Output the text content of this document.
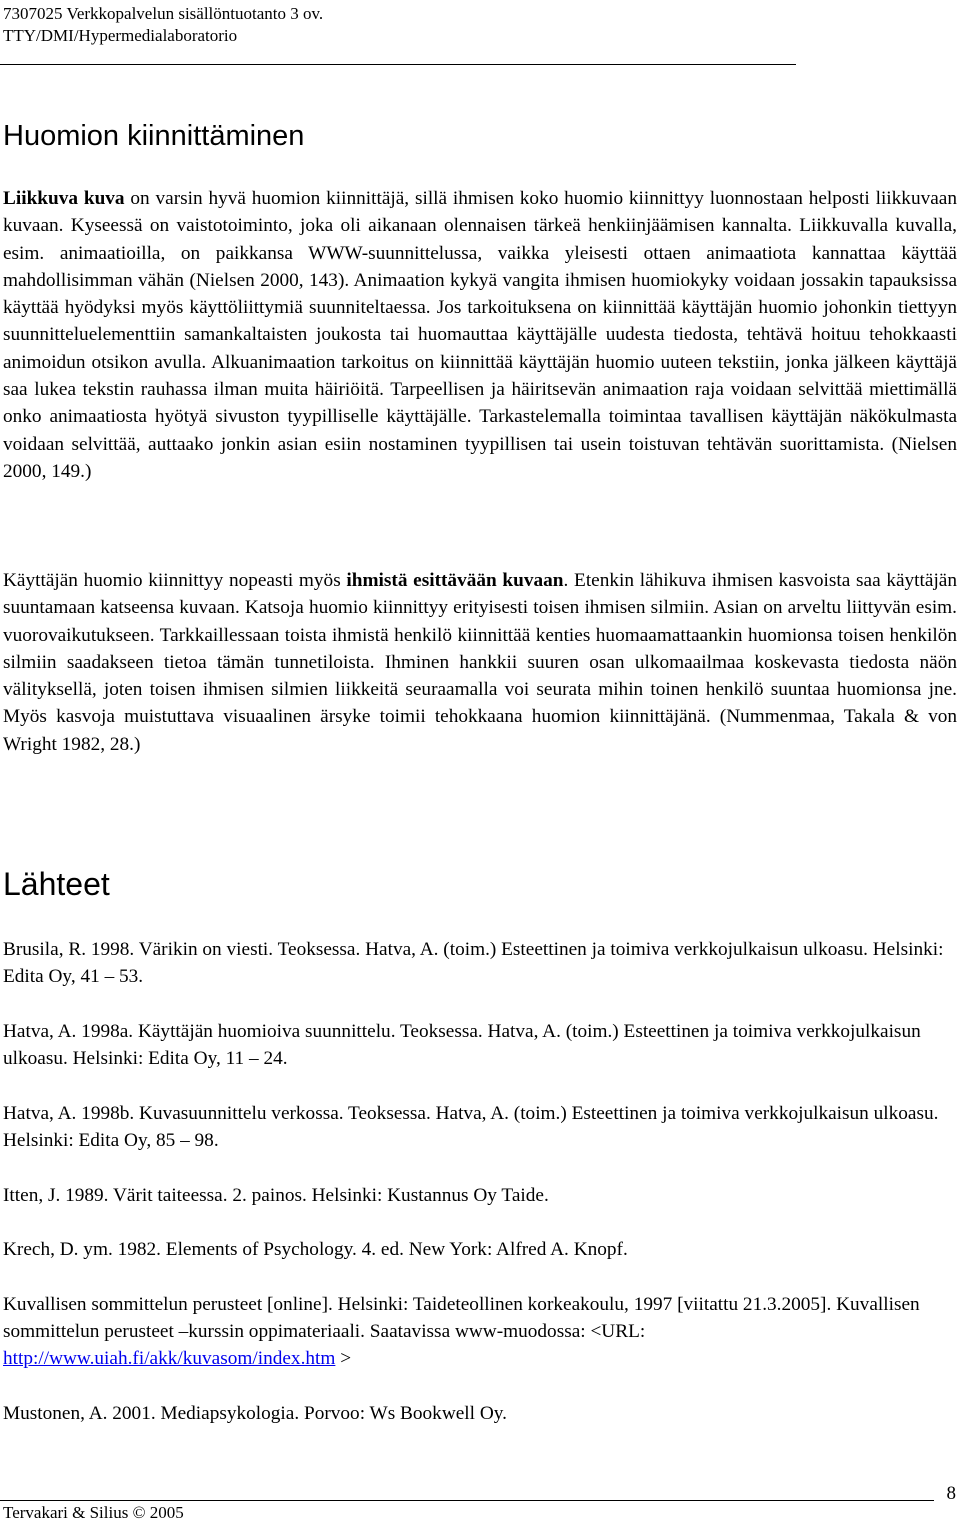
7307025 Verkkopalvelun sisällöntuotanto 3 ov.
TTY/DMI/Hypermedialaboratorio
Huomion kiinnittäminen

Liikkuva kuva on varsin hyvä huomion kiinnittäjä, sillä ihmisen koko huomio kiinnittyy luonnostaan helposti liikkuvaan kuvaan. Kyseessä on vaistotoiminto, joka oli aikanaan olennaisen tärkeä henkiinjäämisen kannalta. Liikkuvalla kuvalla, esim. animaatioilla, on paikkansa WWW-suunnittelussa, vaikka yleisesti ottaen animaatiota kannattaa käyttää mahdollisimman vähän (Nielsen 2000, 143). Animaation kykyä vangita ihmisen huomiokyky voidaan jossakin tapauksissa käyttää hyödyksi myös käyttöliittymiä suunniteltaessa. Jos tarkoituksena on kiinnittää käyttäjän huomio johonkin tiettyyn suunnitteluelementtiin samankaltaisten joukosta tai huomauttaa käyttäjälle uudesta tiedosta, tehtävä hoituu tehokkaasti animoidun otsikon avulla. Alkuanimaation tarkoitus on kiinnittää käyttäjän huomio uuteen tekstiin, jonka jälkeen käyttäjä saa lukea tekstin rauhassa ilman muita häiriöitä. Tarpeellisen ja häiritsevän animaation raja voidaan selvittää miettimällä onko animaatiosta hyötyä sivuston tyypilliselle käyttäjälle. Tarkastelemalla toimintaa tavallisen käyttäjän näkökulmasta voidaan selvittää, auttaako jonkin asian esiin nostaminen tyypillisen tai usein toistuvan tehtävän suorittamista. (Nielsen 2000, 149.)

Käyttäjän huomio kiinnittyy nopeasti myös ihmistä esittävään kuvaan. Etenkin lähikuva ihmisen kasvoista saa käyttäjän suuntamaan katseensa kuvaan. Katsoja huomio kiinnittyy erityisesti toisen ihmisen silmiin. Asian on arveltu liittyvän esim. vuorovaikutukseen. Tarkkaillessaan toista ihmistä henkilö kiinnittää kenties huomaamattaankin huomionsa toisen henkilön silmiin saadakseen tietoa tämän tunnetiloista. Ihminen hankkii suuren osan ulkomaailmaa koskevasta tiedosta näön välityksellä, joten toisen ihmisen silmien liikkeitä seuraamalla voi seurata mihin toinen henkilö suuntaa huomionsa jne. Myös kasvoja muistuttava visuaalinen ärsyke toimii tehokkaana huomion kiinnittäjänä. (Nummenmaa, Takala & von Wright 1982, 28.)

Lähteet

Brusila, R. 1998. Värikin on viesti. Teoksessa. Hatva, A. (toim.) Esteettinen ja toimiva verkkojulkaisun ulkoasu. Helsinki: Edita Oy, 41 – 53.

Hatva, A. 1998a. Käyttäjän huomioiva suunnittelu. Teoksessa. Hatva, A. (toim.) Esteettinen ja toimiva verkkojulkaisun ulkoasu. Helsinki: Edita Oy, 11 – 24.

Hatva, A. 1998b. Kuvasuunnittelu verkossa. Teoksessa. Hatva, A. (toim.) Esteettinen ja toimiva verkkojulkaisun ulkoasu. Helsinki: Edita Oy, 85 – 98.

Itten, J. 1989. Värit taiteessa. 2. painos. Helsinki: Kustannus Oy Taide.

Krech, D. ym. 1982. Elements of Psychology. 4. ed. New York: Alfred A. Knopf.

Kuvallisen sommittelun perusteet [online]. Helsinki: Taideteollinen korkeakoulu, 1997 [viitattu 21.3.2005]. Kuvallisen sommittelun perusteet –kurssin oppimateriaali. Saatavissa www-muodossa: <URL: http://www.uiah.fi/akk/kuvasom/index.htm >

Mustonen, A. 2001. Mediapsykologia. Porvoo: Ws Bookwell Oy.

8
Tervakari & Silius © 2005
